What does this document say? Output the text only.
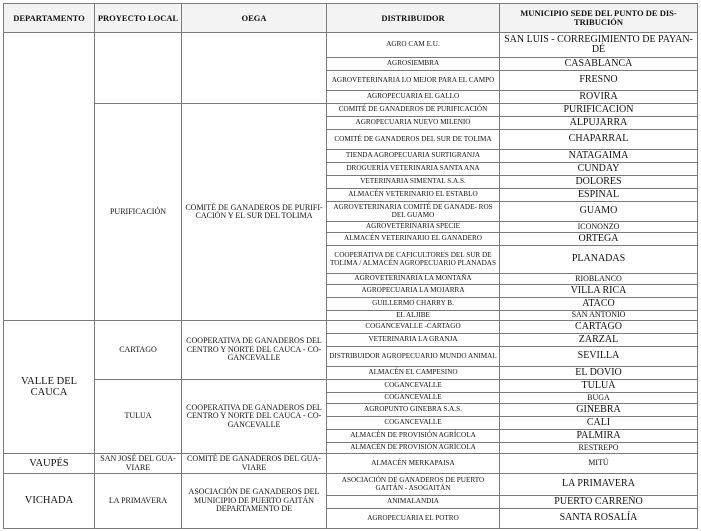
DEPARTAMENTO	PROYECTO LOCAL	OEGA	DISTRIBUIDOR	MUNICIPIO SEDE DEL PUNTO DE DIS- TRIBUCIÓN
			AGRO CAM E.U.	SAN LUIS - CORREGIMIENTO DE PAYAN- DÉ
			AGROSIEMBRA	CASABLANCA
			AGROVETERINARIA LO MEJOR PARA EL CAMPO	FRESNO
			AGROPECUARIA EL GALLO	ROVIRA
	PURIFICACIÓN	COMITÉ DE GANADEROS DE PURIFI- CACIÓN Y EL SUR DEL TOLIMA	COMITÉ DE GANADEROS DE PURIFICACIÓN	PURIFICACIÓN
			AGROPECUARIA NUEVO MILENIO	ALPUJARRA
			COMITÉ DE GANADEROS DEL SUR DE TOLIMA	CHAPARRAL
			TIENDA AGROPECUARIA SURTIGRANJA	NATAGAIMA
			DROGUERÍA VETERINARIA SANTA ANA	CUNDAY
			VETERINARIA SIMENTAL S.A.S.	DOLORES
			ALMACÉN VETERINARIO EL ESTABLO	ESPINAL
			AGROVETERINARIA COMITÉ DE GANADE- ROS DEL GUAMO	GUAMO
			AGROVETERINARIA SPECIE	ICONONZO
			ALMACÉN VETERINARIO EL GANADERO	ORTEGA
			COOPERATIVA DE CAFICULTORES DEL SUR DE TOLIMA / ALMACÉN AGROPECUARIO PLANADAS	PLANADAS
			AGROVETERINARIA LA MONTAÑA	RIOBLANCO
			AGROPECUARIA LA MOJARRA	VILLA RICA
			GUILLERMO CHARRY B.	ATACO
			EL ALJIBE	SAN ANTONIO
VALLE DEL CAUCA	CARTAGO	COOPERATIVA DE GANADEROS DEL CENTRO Y NORTE DEL CAUCA - CO- GANCEVALLE	COGANCEVALLE -CARTAGO	CARTAGO
			VETERINARIA LA GRANJA	ZARZAL
			DISTRIBUIDOR AGROPECUARIO MUNDO ANIMAL	SEVILLA
			ALMACÉN EL CAMPESINO	EL DOVIO
	TULUA	COOPERATIVA DE GANADEROS DEL CENTRO Y NORTE DEL CAUCA - CO- GANCEVALLE	COGANCEVALLE	TULUÁ
			COGANCEVALLE	BUGA
			AGROPUNTO GINEBRA S.A.S.	GINEBRA
			COGANCEVALLE	CALI
			ALMACÉN DE PROVISIÓN AGRÍCOLA	PALMIRA
			ALMACÉN DE PROVISIÓN AGRÍCOLA	RESTREPO
VAUPÉS	SAN JOSÉ DEL GUA- VIARE	COMITÉ DE GANADEROS DEL GUA- VIARE	ALMACÉN MERKAPAISA	MITÚ
VICHADA	LA PRIMAVERA	ASOCIACIÓN DE GANADEROS DEL MUNICIPIO DE PUERTO GAITÁN DEPARTAMENTO DE	ASOCIACIÓN DE GANADEROS DE PUERTO GAITÁN - ASOGAITÁN	LA PRIMAVERA
			ANIMALANDIA	PUERTO CARREÑO
			AGROPECUARIA EL POTRO	SANTA ROSALÍA
